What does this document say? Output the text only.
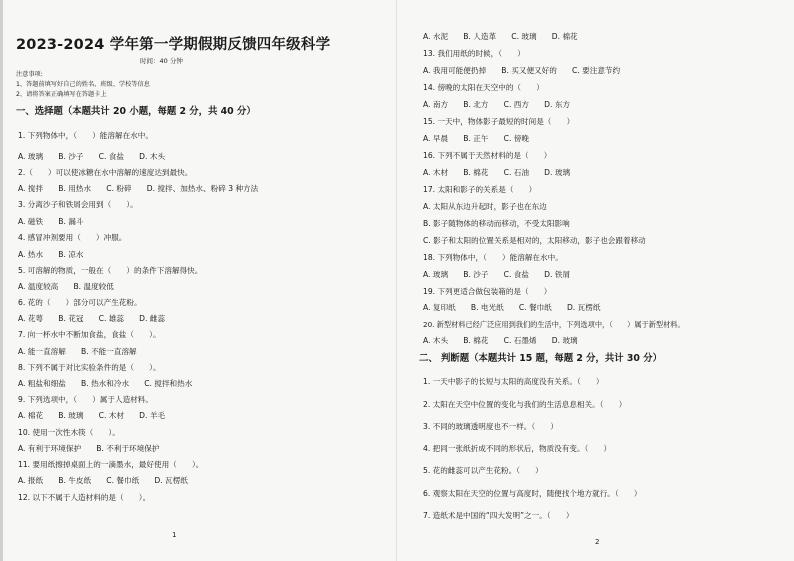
2023-2024 学年第一学期假期反馈四年级科学
时间：40 分钟
注意事项:
1、答题前填写好自己的姓名、班级、学校等信息
2、请将答案正确填写在答题卡上
一、选择题（本题共计 20 小题，每题 2 分，共 40 分）
1. 下列物体中，（　　）能溶解在水中。
A. 玻璃　　B. 沙子　　C. 食盐　　D. 木头
2.（　　）可以使冰糖在水中溶解的速度达到最快。
A. 搅拌　　B. 用热水　　C. 粉碎　　D. 搅拌、加热水、粉碎 3 种方法
3. 分离沙子和铁屑会用到（　　）。
A. 磁铁　　B. 漏斗
4. 感冒冲剂要用（　　）冲服。
A. 热水　　B. 凉水
5. 可溶解的物质，一般在（　　）的条件下溶解得快。
A. 温度较高　　B. 温度较低
6. 花的（　　）部分可以产生花粉。
A. 花萼　　B. 花冠　　C. 雄蕊　　D. 雌蕊
7. 向一杯水中不断加食盐，食盐（　　）。
A. 能一直溶解　　B. 不能一直溶解
8. 下列不属于对比实验条件的是（　　）。
A. 粗盐和细盐　　B. 热水和冷水　　C. 搅拌和热水
9. 下列选项中，（　　）属于人造材料。
A. 棉花　　B. 玻璃　　C. 木材　　D. 羊毛
10. 使用一次性木筷（　　）。
A. 有利于环境保护　　B. 不利于环境保护
11. 要用纸擦掉桌面上的一滴墨水，最好使用（　　）。
A. 报纸　　B. 牛皮纸　　C. 餐巾纸　　D. 瓦楞纸
12. 以下不属于人造材料的是（　　）。
1
A. 水泥　　B. 人造革　　C. 玻璃　　D. 棉花
13. 我们用纸的时候，（　　）
A. 我用可能便扔掉　　B. 买又便又好的　　C. 要注意节约
14. 傍晚的太阳在天空中的（　　）
A. 南方　　B. 北方　　C. 西方　　D. 东方
15. 一天中，物体影子最短的时间是（　　）
A. 早晨　　B. 正午　　C. 傍晚
16. 下列不属于天然材料的是（　　）
A. 木材　　B. 棉花　　C. 石油　　D. 玻璃
17. 太阳和影子的关系是（　　）
A. 太阳从东边升起时，影子也在东边
B. 影子随物体的移动而移动，不受太阳影响
C. 影子和太阳的位置关系是相对的，太阳移动，影子也会跟着移动
18. 下列物体中，（　　）能溶解在水中。
A. 玻璃　　B. 沙子　　C. 食盐　　D. 铁屑
19. 下列更适合做包装箱的是（　　）
A. 复印纸　　B. 电光纸　　C. 餐巾纸　　D. 瓦楞纸
20. 新型材料已经广泛应用到我们的生活中，下列选项中，（　　）属于新型材料。
A. 木头　　B. 棉花　　C. 石墨烯　　D. 玻璃
二、 判断题（本题共计 15 题，每题 2 分，共计 30 分）
1. 一天中影子的长短与太阳的高度没有关系。（　　）
2. 太阳在天空中位置的变化与我们的生活息息相关。（　　）
3. 不同的玻璃透明度也不一样。（　　）
4. 把同一张纸折成不同的形状后，物质没有变。（　　）
5. 花的雌蕊可以产生花粉。（　　）
6. 观察太阳在天空的位置与高度时，随便找个地方就行。（　　）
7. 造纸术是中国的“四大发明”之一。（　　）
2
